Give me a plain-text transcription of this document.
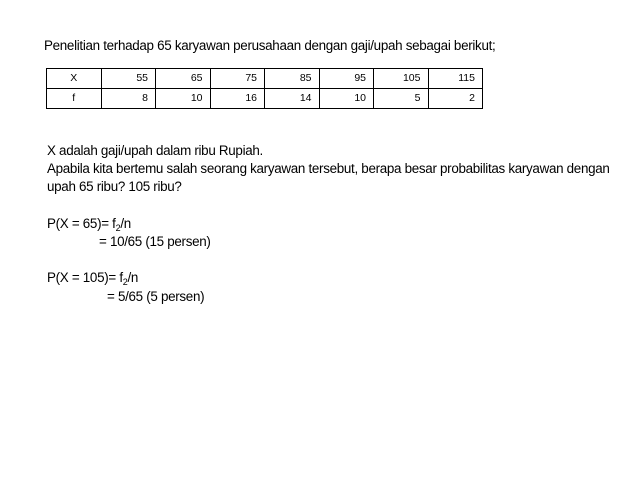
Penelitian terhadap 65 karyawan perusahaan dengan gaji/upah sebagai berikut;
X	55	65	75	85	95	105	115
f	8	10	16	14	10	5	2
X adalah gaji/upah dalam ribu Rupiah.
Apabila kita bertemu salah seorang karyawan tersebut, berapa besar probabilitas karyawan dengan
upah 65 ribu? 105 ribu?
$P(X = 65)= f_2/n$
= 10/65 (15 persen)
$P(X = 105)= f_2/n$
= 5/65 (5 persen)
